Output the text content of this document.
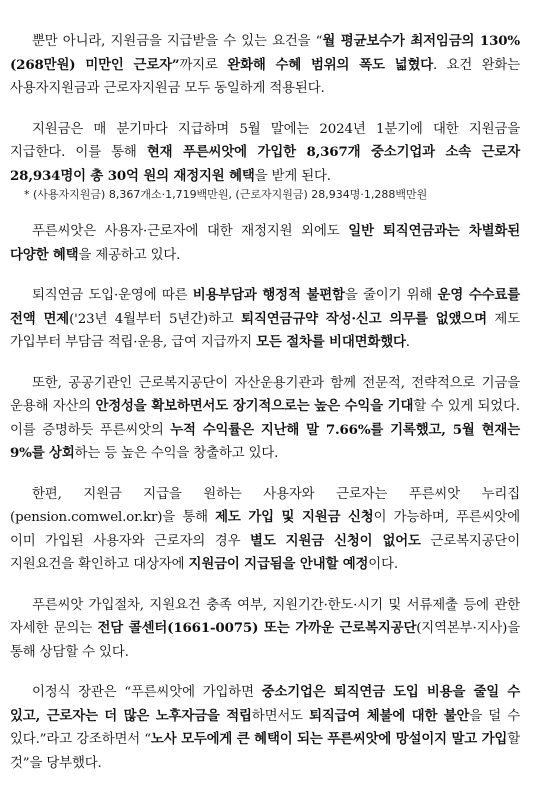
뿐만 아니라, 지원금을 지급받을 수 있는 요건을 “월 평균보수가 최저임금의 130%(268만원) 미만인 근로자”까지로 완화해 수혜 범위의 폭도 넓혔다. 요건 완화는 사용자지원금과 근로자지원금 모두 동일하게 적용된다.

지원금은 매 분기마다 지급하며 5월 말에는 2024년 1분기에 대한 지원금을 지급한다. 이를 통해 현재 푸른씨앗에 가입한 8,367개 중소기업과 소속 근로자 28,934명이 총 30억 원의 재정지원 혜택을 받게 된다.

* (사용자지원금) 8,367개소·1,719백만원, (근로자지원금) 28,934명·1,288백만원

푸른씨앗은 사용자·근로자에 대한 재정지원 외에도 일반 퇴직연금과는 차별화된 다양한 혜택을 제공하고 있다.

퇴직연금 도입·운영에 따른 비용부담과 행정적 불편함을 줄이기 위해 운영 수수료를 전액 면제('23년 4월부터 5년간)하고 퇴직연금규약 작성·신고 의무를 없앴으며 제도 가입부터 부담금 적립·운용, 급여 지급까지 모든 절차를 비대면화했다.

또한, 공공기관인 근로복지공단이 자산운용기관과 함께 전문적, 전략적으로 기금을 운용해 자산의 안정성을 확보하면서도 장기적으로는 높은 수익을 기대할 수 있게 되었다. 이를 증명하듯 푸른씨앗의 누적 수익률은 지난해 말 7.66%를 기록했고, 5월 현재는 9%를 상회하는 등 높은 수익을 창출하고 있다.

한편, 지원금 지급을 원하는 사용자와 근로자는 푸른씨앗 누리집(pension.comwel.or.kr)을 통해 제도 가입 및 지원금 신청이 가능하며, 푸른씨앗에 이미 가입된 사용자와 근로자의 경우 별도 지원금 신청이 없어도 근로복지공단이 지원요건을 확인하고 대상자에 지원금이 지급됨을 안내할 예정이다.

푸른씨앗 가입절차, 지원요건 충족 여부, 지원기간·한도·시기 및 서류제출 등에 관한 자세한 문의는 전담 콜센터(1661-0075) 또는 가까운 근로복지공단(지역본부·지사)을 통해 상담할 수 있다.

이정식 장관은 “푸른씨앗에 가입하면 중소기업은 퇴직연금 도입 비용을 줄일 수 있고, 근로자는 더 많은 노후자금을 적립하면서도 퇴직급여 체불에 대한 불안을 덜 수 있다.”라고 강조하면서 “노사 모두에게 큰 혜택이 되는 푸른씨앗에 망설이지 말고 가입할 것”을 당부했다.
